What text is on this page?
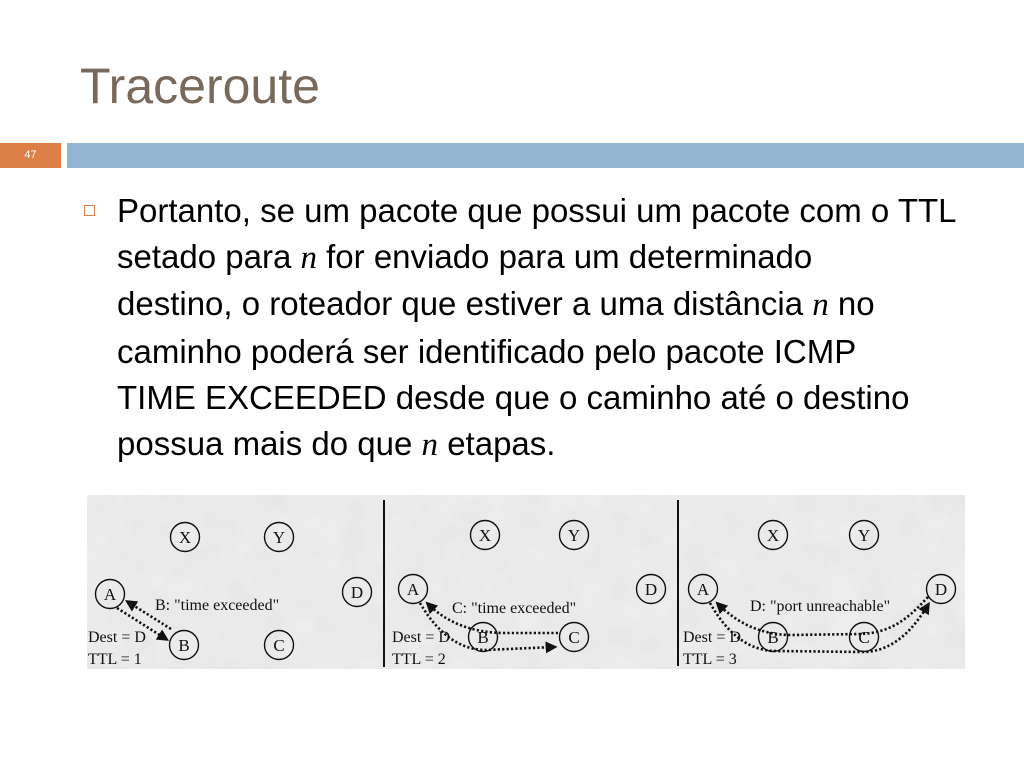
Traceroute
47
Portanto, se um pacote que possui um pacote com o TTL
setado para n for enviado para um determinado
destino, o roteador que estiver a uma distância n no
caminho poderá ser identificado pelo pacote ICMP
TIME EXCEEDED desde que o caminho até o destino
possua mais do que n etapas.
X	Y
A
B	C
D
B: "time exceeded"
Dest = D
TTL = 1
X	Y
A
B	C
D
C: "time exceeded"
Dest = D
TTL = 2
X	Y
A
B	C
D
D: "port unreachable"
Dest = D
TTL = 3
